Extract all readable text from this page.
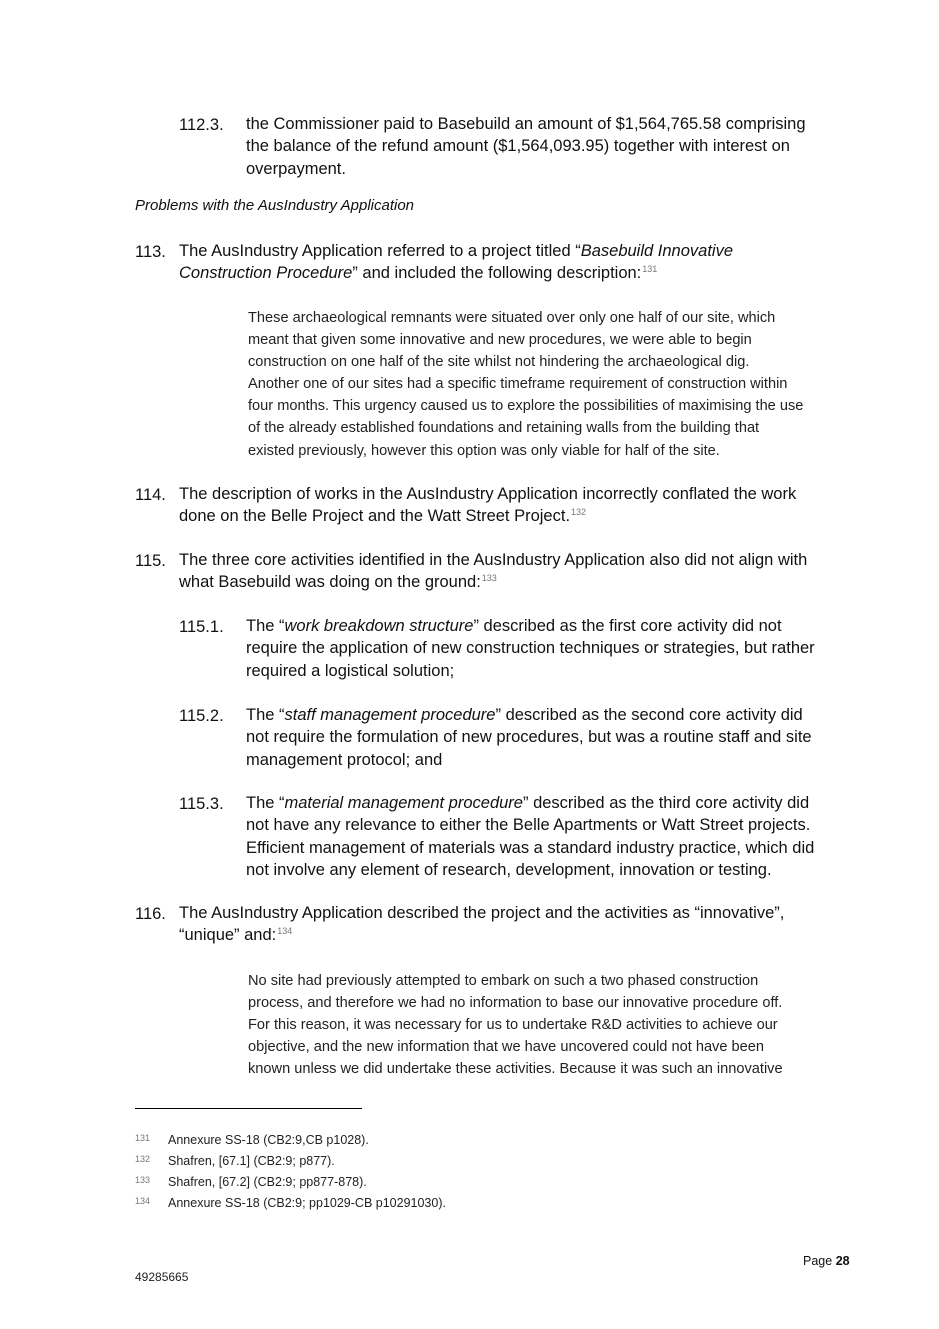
112.3. the Commissioner paid to Basebuild an amount of $1,564,765.58 comprising
the balance of the refund amount ($1,564,093.95) together with interest on
overpayment.
Problems with the AusIndustry Application
113. The AusIndustry Application referred to a project titled “Basebuild Innovative
Construction Procedure” and included the following description:$^{131}$
These archaeological remnants were situated over only one half of our site, which
meant that given some innovative and new procedures, we were able to begin
construction on one half of the site whilst not hindering the archaeological dig.
Another one of our sites had a specific timeframe requirement of construction within
four months. This urgency caused us to explore the possibilities of maximising the use
of the already established foundations and retaining walls from the building that
existed previously, however this option was only viable for half of the site.
114. The description of works in the AusIndustry Application incorrectly conflated the work
done on the Belle Project and the Watt Street Project.$^{132}$
115. The three core activities identified in the AusIndustry Application also did not align with
what Basebuild was doing on the ground:$^{133}$
115.1. The “work breakdown structure” described as the first core activity did not
require the application of new construction techniques or strategies, but rather
required a logistical solution;
115.2. The “staff management procedure” described as the second core activity did
not require the formulation of new procedures, but was a routine staff and site
management protocol; and
115.3. The “material management procedure” described as the third core activity did
not have any relevance to either the Belle Apartments or Watt Street projects.
Efficient management of materials was a standard industry practice, which did
not involve any element of research, development, innovation or testing.
116. The AusIndustry Application described the project and the activities as “innovative”,
“unique” and:$^{134}$
No site had previously attempted to embark on such a two phased construction
process, and therefore we had no information to base our innovative procedure off.
For this reason, it was necessary for us to undertake R&D activities to achieve our
objective, and the new information that we have uncovered could not have been
known unless we did undertake these activities. Because it was such an innovative
131 Annexure SS-18 (CB2:9,CB p1028).
132 Shafren, [67.1] (CB2:9; p877).
133 Shafren, [67.2] (CB2:9; pp877-878).
134 Annexure SS-18 (CB2:9; pp1029-CB p10291030).
Page 28
49285665
